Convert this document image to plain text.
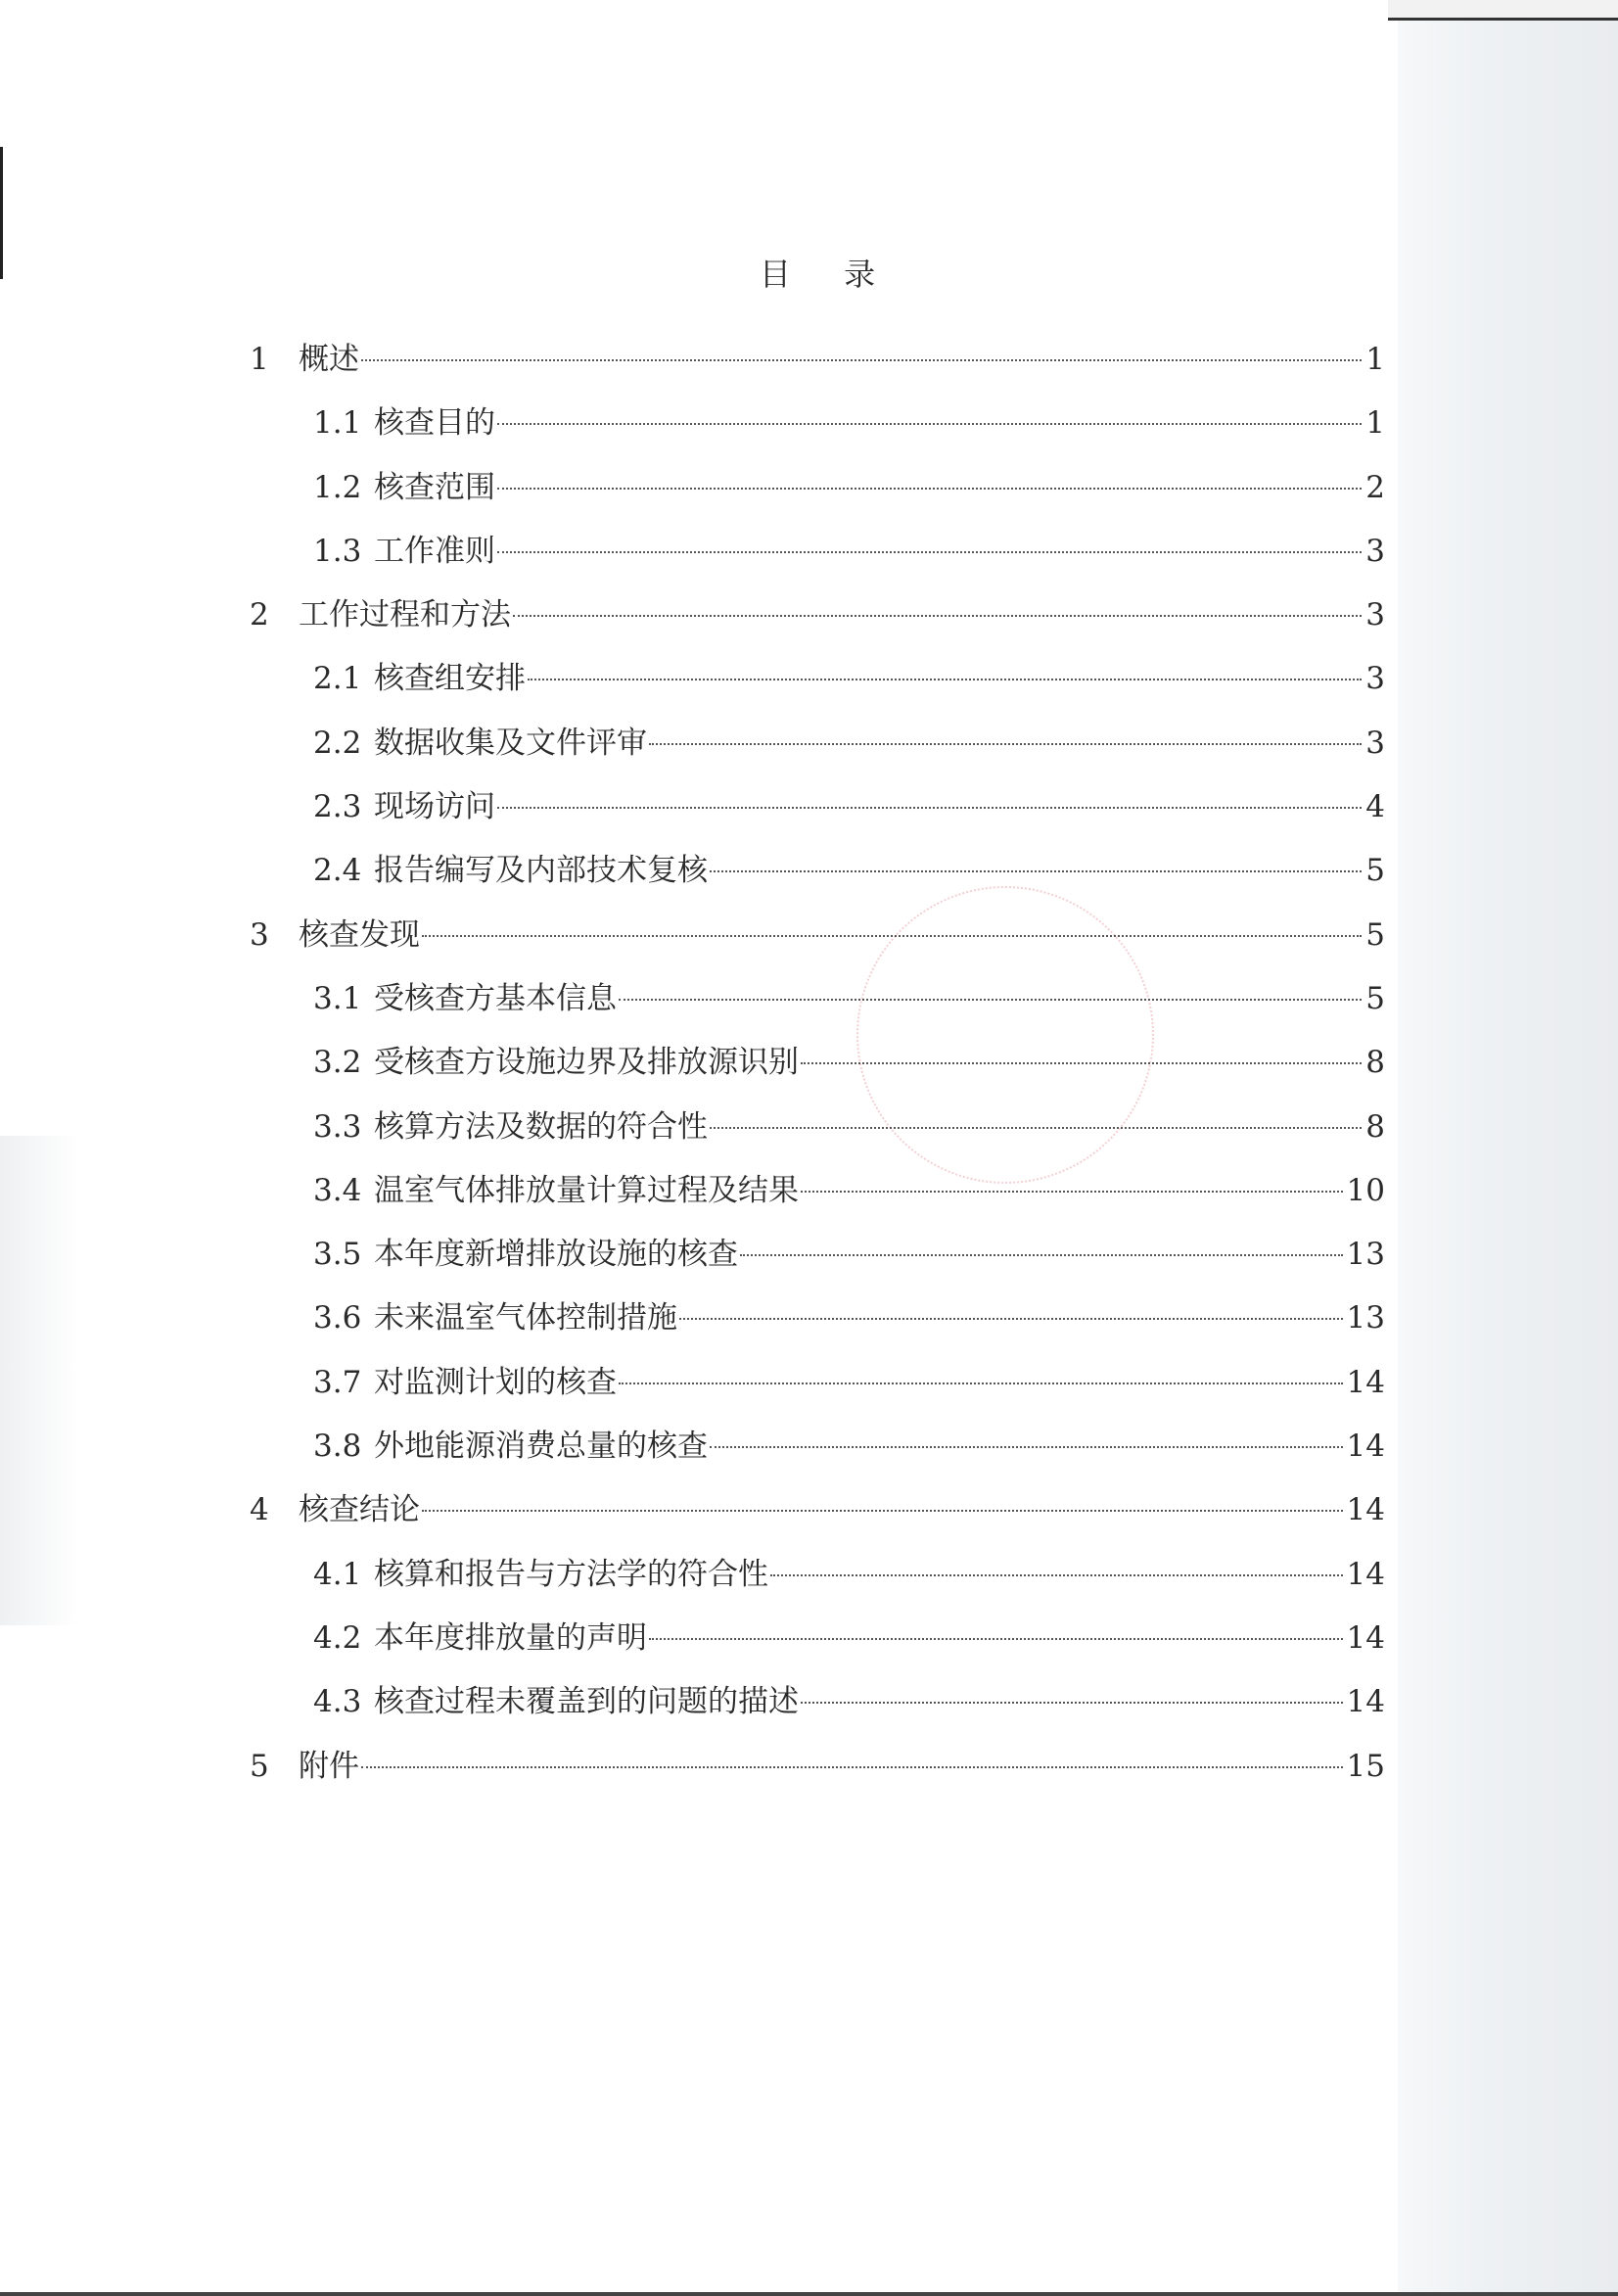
目 录
1 概述	1
1.1 核查目的	1
1.2 核查范围	2
1.3 工作准则	3
2 工作过程和方法	3
2.1 核查组安排	3
2.2 数据收集及文件评审	3
2.3 现场访问	4
2.4 报告编写及内部技术复核	5
3 核查发现	5
3.1 受核查方基本信息	5
3.2 受核查方设施边界及排放源识别	8
3.3 核算方法及数据的符合性	8
3.4 温室气体排放量计算过程及结果	10
3.5 本年度新增排放设施的核查	13
3.6 未来温室气体控制措施	13
3.7 对监测计划的核查	14
3.8 外地能源消费总量的核查	14
4 核查结论	14
4.1 核算和报告与方法学的符合性	14
4.2 本年度排放量的声明	14
4.3 核查过程未覆盖到的问题的描述	14
5 附件	15
